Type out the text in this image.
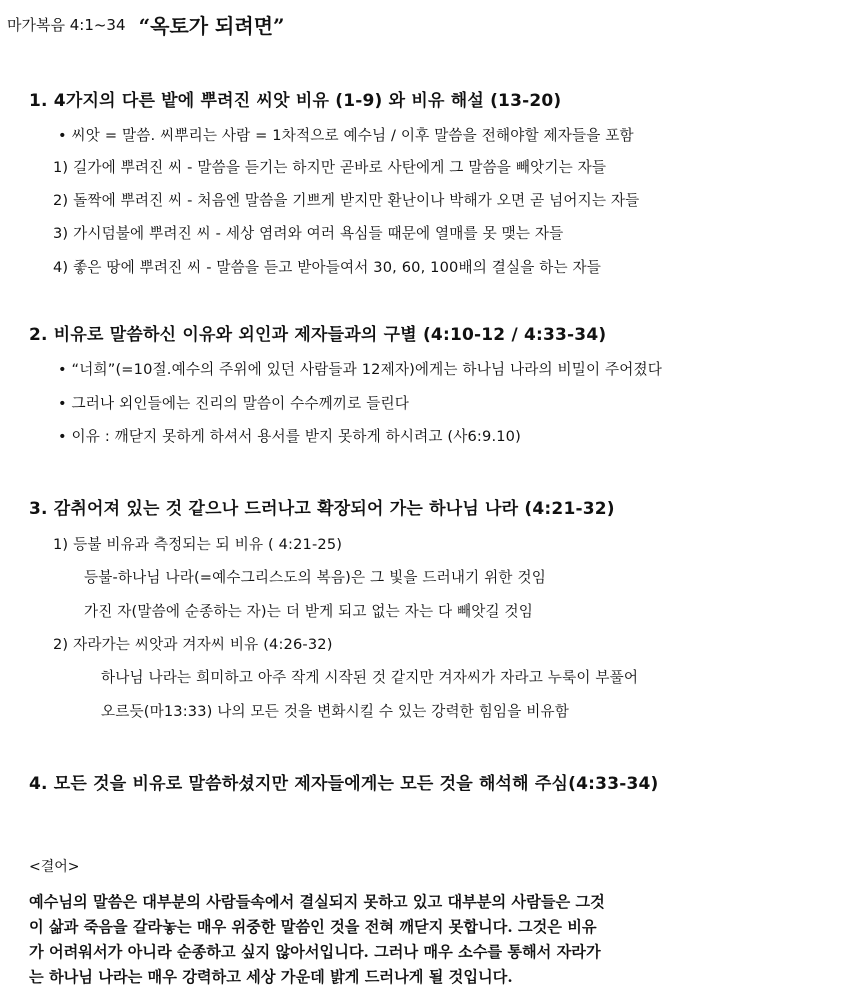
마가복음 4:1~34 “옥토가 되려면”
1. 4가지의 다른 밭에 뿌려진 씨앗 비유 (1-9) 와 비유 해설 (13-20)
• 씨앗 = 말씀. 씨뿌리는 사람 = 1차적으로 예수님 / 이후 말씀을 전해야할 제자들을 포함
1) 길가에 뿌려진 씨 - 말씀을 듣기는 하지만 곧바로 사탄에게 그 말씀을 빼앗기는 자들
2) 돌짝에 뿌려진 씨 - 처음엔 말씀을 기쁘게 받지만 환난이나 박해가 오면 곧 넘어지는 자들
3) 가시덤불에 뿌려진 씨 - 세상 염려와 여러 욕심들 때문에 열매를 못 맺는 자들
4) 좋은 땅에 뿌려진 씨 - 말씀을 듣고 받아들여서 30, 60, 100배의 결실을 하는 자들
2. 비유로 말씀하신 이유와 외인과 제자들과의 구별 (4:10-12 / 4:33-34)
• “너희”(=10절.예수의 주위에 있던 사람들과 12제자)에게는 하나님 나라의 비밀이 주어졌다
• 그러나 외인들에는 진리의 말씀이 수수께끼로 들린다
• 이유 : 깨닫지 못하게 하셔서 용서를 받지 못하게 하시려고 (사6:9.10)
3. 감취어져 있는 것 같으나 드러나고 확장되어 가는 하나님 나라 (4:21-32)
1) 등불 비유과 측정되는 되 비유 ( 4:21-25)
등불-하나님 나라(=예수그리스도의 복음)은 그 빛을 드러내기 위한 것임
가진 자(말씀에 순종하는 자)는 더 받게 되고 없는 자는 다 빼앗길 것임
2) 자라가는 씨앗과 겨자씨 비유 (4:26-32)
하나님 나라는 희미하고 아주 작게 시작된 것 같지만 겨자씨가 자라고 누룩이 부풀어
오르듯(마13:33) 나의 모든 것을 변화시킬 수 있는 강력한 힘임을 비유함
4. 모든 것을 비유로 말씀하셨지만 제자들에게는 모든 것을 해석해 주심(4:33-34)
<결어>
예수님의 말씀은 대부분의 사람들속에서 결실되지 못하고 있고 대부분의 사람들은 그것
이 삶과 죽음을 갈라놓는 매우 위중한 말씀인 것을 전혀 깨닫지 못합니다. 그것은 비유
가 어려워서가 아니라 순종하고 싶지 않아서입니다. 그러나 매우 소수를 통해서 자라가
는 하나님 나라는 매우 강력하고 세상 가운데 밝게 드러나게 될 것입니다.
